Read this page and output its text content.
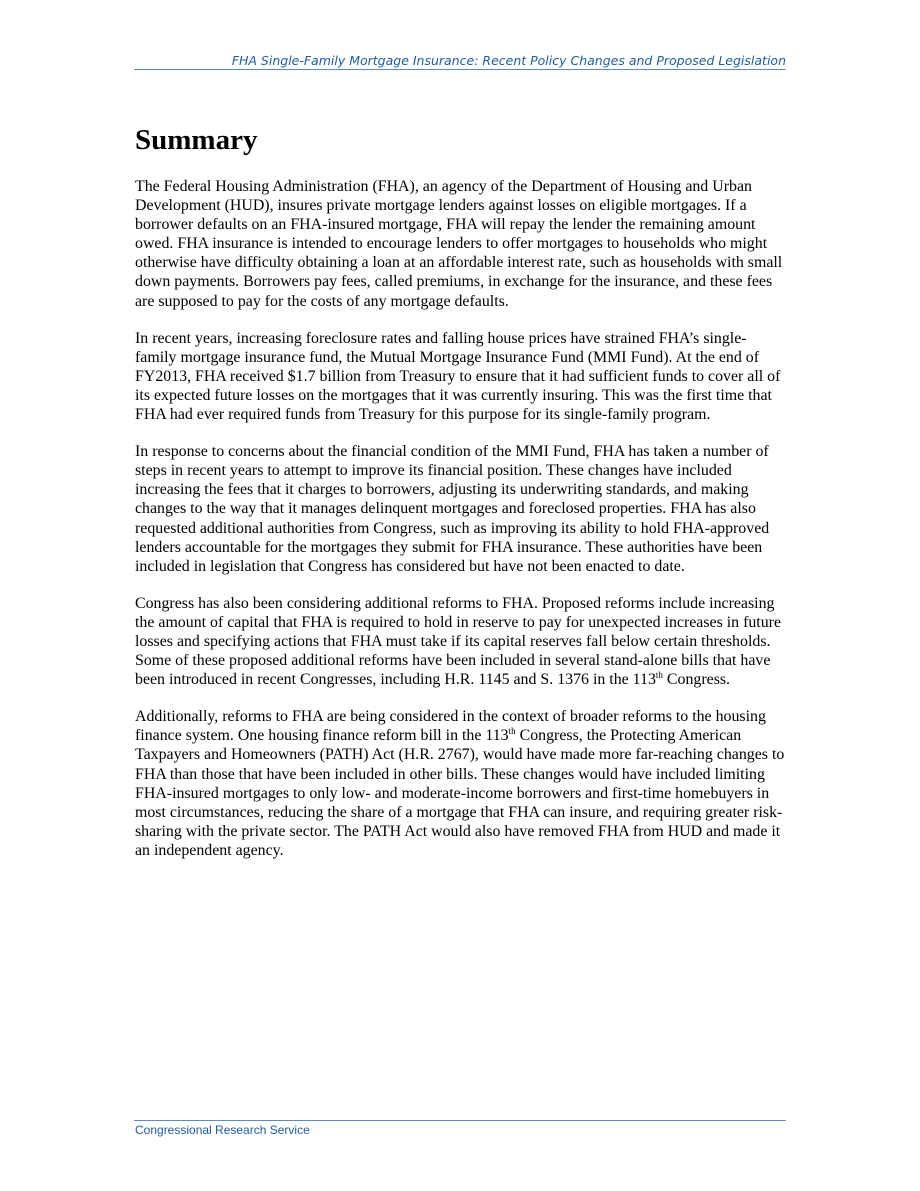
FHA Single-Family Mortgage Insurance: Recent Policy Changes and Proposed Legislation
Summary

The Federal Housing Administration (FHA), an agency of the Department of Housing and Urban Development (HUD), insures private mortgage lenders against losses on eligible mortgages. If a borrower defaults on an FHA-insured mortgage, FHA will repay the lender the remaining amount owed. FHA insurance is intended to encourage lenders to offer mortgages to households who might otherwise have difficulty obtaining a loan at an affordable interest rate, such as households with small down payments. Borrowers pay fees, called premiums, in exchange for the insurance, and these fees are supposed to pay for the costs of any mortgage defaults.

In recent years, increasing foreclosure rates and falling house prices have strained FHA’s single-family mortgage insurance fund, the Mutual Mortgage Insurance Fund (MMI Fund). At the end of FY2013, FHA received $1.7 billion from Treasury to ensure that it had sufficient funds to cover all of its expected future losses on the mortgages that it was currently insuring. This was the first time that FHA had ever required funds from Treasury for this purpose for its single-family program.

In response to concerns about the financial condition of the MMI Fund, FHA has taken a number of steps in recent years to attempt to improve its financial position. These changes have included increasing the fees that it charges to borrowers, adjusting its underwriting standards, and making changes to the way that it manages delinquent mortgages and foreclosed properties. FHA has also requested additional authorities from Congress, such as improving its ability to hold FHA-approved lenders accountable for the mortgages they submit for FHA insurance. These authorities have been included in legislation that Congress has considered but have not been enacted to date.

Congress has also been considering additional reforms to FHA. Proposed reforms include increasing the amount of capital that FHA is required to hold in reserve to pay for unexpected increases in future losses and specifying actions that FHA must take if its capital reserves fall below certain thresholds. Some of these proposed additional reforms have been included in several stand-alone bills that have been introduced in recent Congresses, including H.R. 1145 and S. 1376 in the 113th Congress.

Additionally, reforms to FHA are being considered in the context of broader reforms to the housing finance system. One housing finance reform bill in the 113th Congress, the Protecting American Taxpayers and Homeowners (PATH) Act (H.R. 2767), would have made more far-reaching changes to FHA than those that have been included in other bills. These changes would have included limiting FHA-insured mortgages to only low- and moderate-income borrowers and first-time homebuyers in most circumstances, reducing the share of a mortgage that FHA can insure, and requiring greater risk-sharing with the private sector. The PATH Act would also have removed FHA from HUD and made it an independent agency.

Congressional Research Service
